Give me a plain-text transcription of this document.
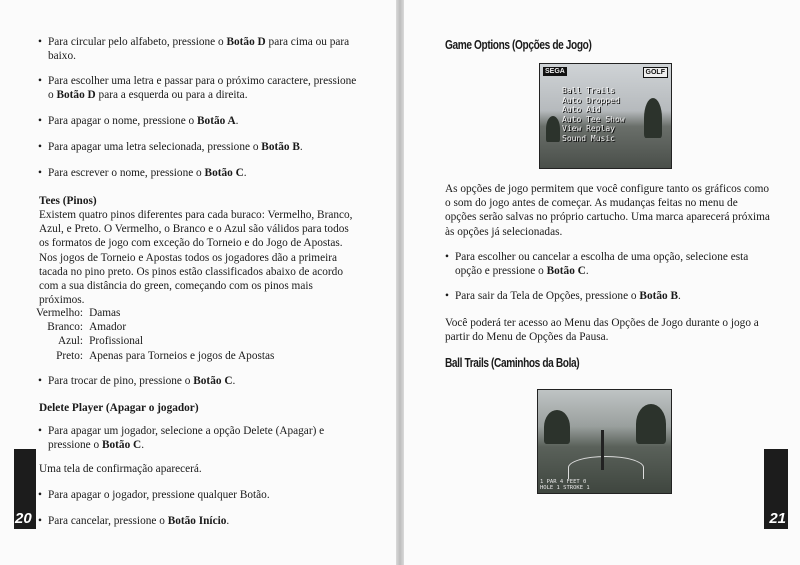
• Para circular pelo alfabeto, pressione o Botão D para cima ou para baixo.

• Para escolher uma letra e passar para o próximo caractere, pressione o Botão D para a esquerda ou para a direita.

• Para apagar o nome, pressione o Botão A.

• Para apagar uma letra selecionada, pressione o Botão B.

• Para escrever o nome, pressione o Botão C.

Tees (Pinos)

Existem quatro pinos diferentes para cada buraco: Vermelho, Branco, Azul, e Preto. O Vermelho, o Branco e o Azul são válidos para todos os formatos de jogo com exceção do Torneio e do Jogo de Apostas. Nos jogos de Torneio e Apostas todos os jogadores dão a primeira tacada no pino preto. Os pinos estão classificados abaixo de acordo com a sua distância do green, começando com os pinos mais próximos.

Vermelho:	Damas
Branco:	Amador
Azul:	Profissional
Preto:	Apenas para Torneios e jogos de Apostas

• Para trocar de pino, pressione o Botão C.

Delete Player (Apagar o jogador)

• Para apagar um jogador, selecione a opção Delete (Apagar) e pressione o Botão C.

Uma tela de confirmação aparecerá.

• Para apagar o jogador, pressione qualquer Botão.

• Para cancelar, pressione o Botão Início.

20
Game Options (Opções de Jogo)
SEGA	GOLF
Ball Trails
Auto Dropped
Auto Aid
Auto Tee Show
View Replay
Sound Music

As opções de jogo permitem que você configure tanto os gráficos como o som do jogo antes de começar. As mudanças feitas no menu de opções serão salvas no próprio cartucho. Uma marca aparecerá próxima às opções já selecionadas.

• Para escolher ou cancelar a escolha de uma opção, selecione esta opção e pressione o Botão C.

• Para sair da Tela de Opções, pressione o Botão B.

Você poderá ter acesso ao Menu das Opções de Jogo durante o jogo a partir do Menu de Opções da Pausa.

Ball Trails (Caminhos da Bola)
1 PAR 4 FEET 0
HOLE 1 STROKE 1
21
